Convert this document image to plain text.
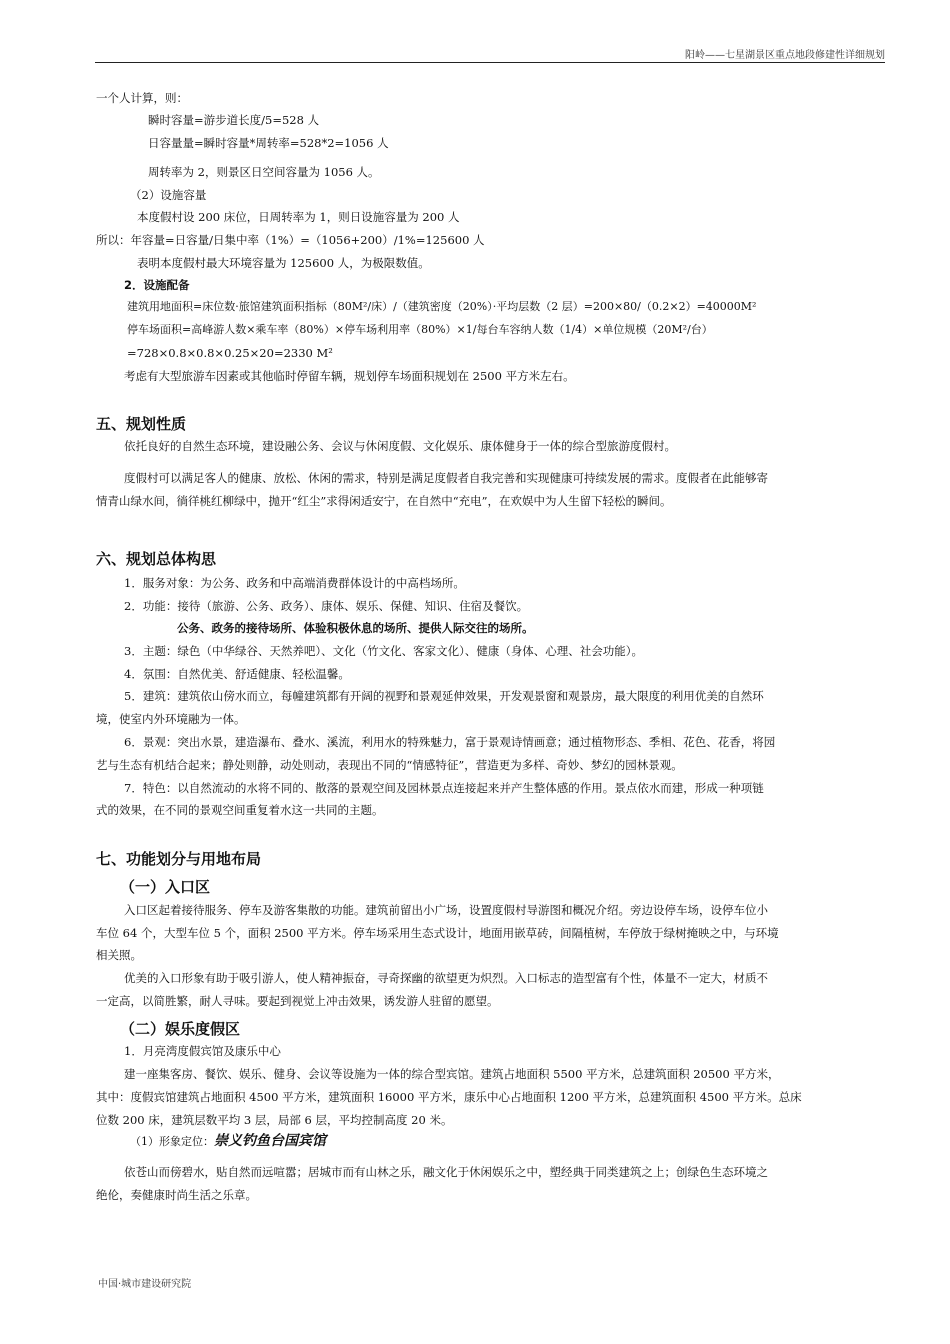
阳岭——七星湖景区重点地段修建性详细规划
一个人计算，则：
瞬时容量=游步道长度/5=528 人
日容量量=瞬时容量*周转率=528*2=1056 人
周转率为 2，则景区日空间容量为 1056 人。
（2）设施容量
本度假村设 200 床位，日周转率为 1，则日设施容量为 200 人
所以：年容量=日容量/日集中率（1%）=（1056+200）/1%=125600 人
表明本度假村最大环境容量为 125600 人，为极限数值。
2．设施配备
建筑用地面积=床位数·旅馆建筑面积指标（80M²/床）/（建筑密度（20%）·平均层数（2 层）=200×80/（0.2×2）=40000M²
停车场面积=高峰游人数×乘车率（80%）×停车场利用率（80%）×1/每台车容纳人数（1/4）×单位规模（20M²/台）
=728×0.8×0.8×0.25×20=2330 M²
考虑有大型旅游车因素或其他临时停留车辆，规划停车场面积规划在 2500 平方米左右。
五、规划性质
依托良好的自然生态环境，建设融公务、会议与休闲度假、文化娱乐、康体健身于一体的综合型旅游度假村。
度假村可以满足客人的健康、放松、休闲的需求，特别是满足度假者自我完善和实现健康可持续发展的需求。度假者在此能够寄
情青山绿水间，徜徉桃红柳绿中，抛开“红尘”求得闲适安宁，在自然中“充电”，在欢娱中为人生留下轻松的瞬间。
六、规划总体构思
1．服务对象：为公务、政务和中高端消费群体设计的中高档场所。
2．功能：接待（旅游、公务、政务）、康体、娱乐、保健、知识、住宿及餐饮。
公务、政务的接待场所、体验积极休息的场所、提供人际交往的场所。
3．主题：绿色（中华绿谷、天然养吧）、文化（竹文化、客家文化）、健康（身体、心理、社会功能）。
4．氛围：自然优美、舒适健康、轻松温馨。
5．建筑：建筑依山傍水而立，每幢建筑都有开阔的视野和景观延伸效果，开发观景窗和观景房，最大限度的利用优美的自然环
境，使室内外环境融为一体。
6．景观：突出水景，建造瀑布、叠水、溪流，利用水的特殊魅力，富于景观诗情画意；通过植物形态、季相、花色、花香，将园
艺与生态有机结合起来；静处则静，动处则动，表现出不同的“情感特征”，营造更为多样、奇妙、梦幻的园林景观。
7．特色：以自然流动的水将不同的、散落的景观空间及园林景点连接起来并产生整体感的作用。景点依水而建，形成一种项链
式的效果，在不同的景观空间重复着水这一共同的主题。
七、功能划分与用地布局
（一）入口区
入口区起着接待服务、停车及游客集散的功能。建筑前留出小广场，设置度假村导游图和概况介绍。旁边设停车场，设停车位小
车位 64 个，大型车位 5 个，面积 2500 平方米。停车场采用生态式设计，地面用嵌草砖，间隔植树，车停放于绿树掩映之中，与环境
相关照。
优美的入口形象有助于吸引游人，使人精神振奋，寻奇探幽的欲望更为炽烈。入口标志的造型富有个性，体量不一定大，材质不
一定高，以简胜繁，耐人寻味。要起到视觉上冲击效果，诱发游人驻留的愿望。
（二）娱乐度假区
1．月亮湾度假宾馆及康乐中心
建一座集客房、餐饮、娱乐、健身、会议等设施为一体的综合型宾馆。建筑占地面积 5500 平方米，总建筑面积 20500 平方米，
其中：度假宾馆建筑占地面积 4500 平方米，建筑面积 16000 平方米，康乐中心占地面积 1200 平方米，总建筑面积 4500 平方米。总床
位数 200 床，建筑层数平均 3 层，局部 6 层，平均控制高度 20 米。
（1）形象定位：崇义钓鱼台国宾馆
依苍山而傍碧水，贴自然而远喧嚣；居城市而有山林之乐，融文化于休闲娱乐之中，塑经典于同类建筑之上；创绿色生态环境之
绝伦，奏健康时尚生活之乐章。
中国·城市建设研究院
